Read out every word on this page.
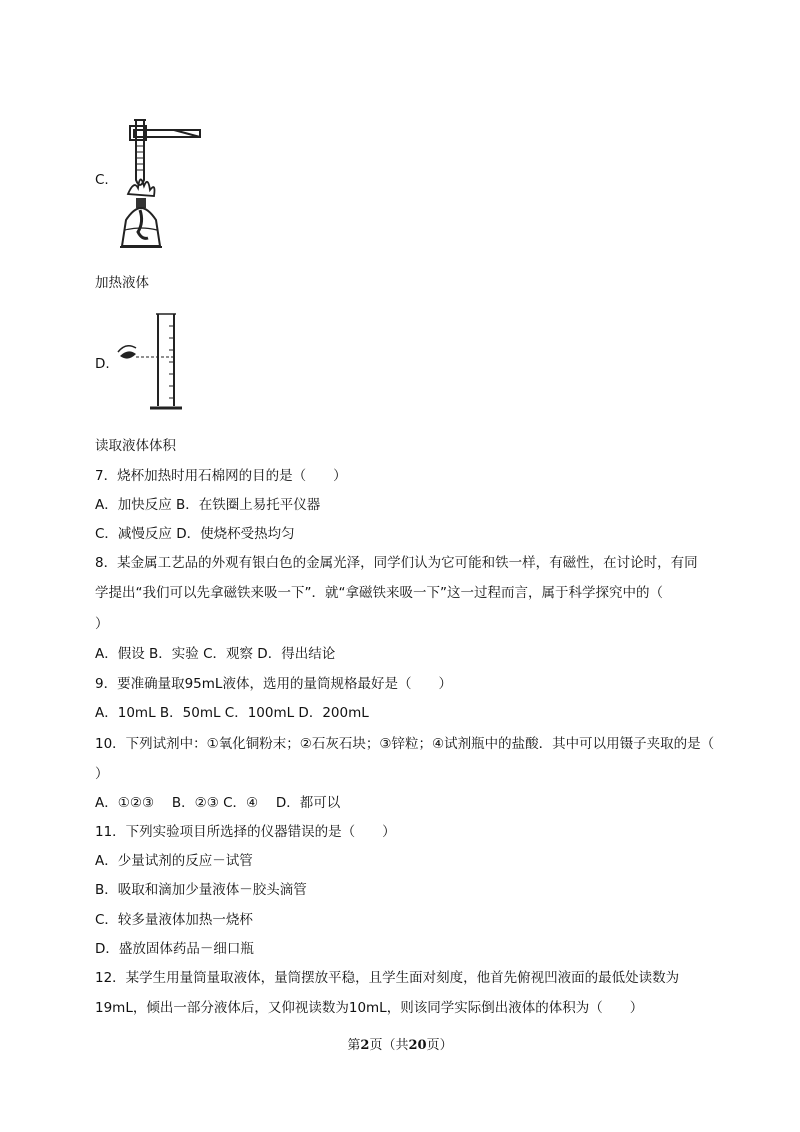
C.
加热液体
D.
读取液体体积
7．烧杯加热时用石棉网的目的是（　　）
A．加快反应 B．在铁圈上易托平仪器
C．减慢反应 D．使烧杯受热均匀
8．某金属工艺品的外观有银白色的金属光泽，同学们认为它可能和铁一样，有磁性，在讨论时，有同
学提出“我们可以先拿磁铁来吸一下”．就“拿磁铁来吸一下”这一过程而言，属于科学探究中的（
）
A．假设 B．实验 C．观察 D．得出结论
9．要准确量取95mL液体，选用的量筒规格最好是（　　）
A．10mL B．50mL C．100mL D．200mL
10．下列试剂中：①氧化铜粉末；②石灰石块；③锌粒；④试剂瓶中的盐酸．其中可以用镊子夹取的是（
）
A．①②③　 B．②③ C．④　 D．都可以
11．下列实验项目所选择的仪器错误的是（　　）
A．少量试剂的反应－试管
B．吸取和滴加少量液体－胶头滴管
C．较多量液体加热一烧杯
D．盛放固体药品－细口瓶
12．某学生用量筒量取液体，量筒摆放平稳，且学生面对刻度，他首先俯视凹液面的最低处读数为
19mL，倾出一部分液体后，又仰视读数为10mL，则该同学实际倒出液体的体积为（　　）
第2页（共20页）
